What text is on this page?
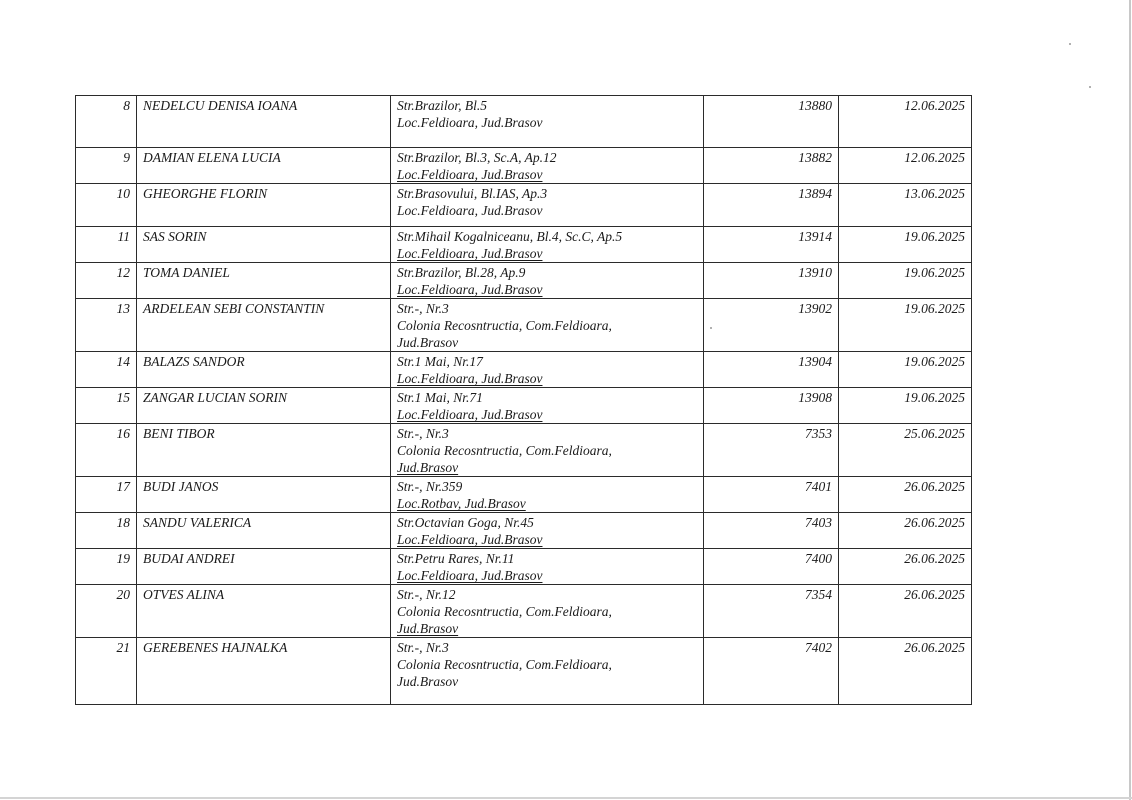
8	NEDELCU DENISA IOANA	Str.Brazilor, Bl.5
Loc.Feldioara, Jud.Brasov	13880	12.06.2025
9	DAMIAN ELENA LUCIA	Str.Brazilor, Bl.3, Sc.A, Ap.12
Loc.Feldioara, Jud.Brasov	13882	12.06.2025
10	GHEORGHE FLORIN	Str.Brasovului, Bl.IAS, Ap.3
Loc.Feldioara, Jud.Brasov	13894	13.06.2025
11	SAS SORIN	Str.Mihail Kogalniceanu, Bl.4, Sc.C, Ap.5
Loc.Feldioara, Jud.Brasov	13914	19.06.2025
12	TOMA DANIEL	Str.Brazilor, Bl.28, Ap.9
Loc.Feldioara, Jud.Brasov	13910	19.06.2025
13	ARDELEAN SEBI CONSTANTIN	Str.-, Nr.3
Colonia Recosntructia, Com.Feldioara,
Jud.Brasov	13902	19.06.2025
14	BALAZS SANDOR	Str.1 Mai, Nr.17
Loc.Feldioara, Jud.Brasov	13904	19.06.2025
15	ZANGAR LUCIAN SORIN	Str.1 Mai, Nr.71
Loc.Feldioara, Jud.Brasov	13908	19.06.2025
16	BENI TIBOR	Str.-, Nr.3
Colonia Recosntructia, Com.Feldioara,
Jud.Brasov	7353	25.06.2025
17	BUDI JANOS	Str.-, Nr.359
Loc.Rotbav, Jud.Brasov	7401	26.06.2025
18	SANDU VALERICA	Str.Octavian Goga, Nr.45
Loc.Feldioara, Jud.Brasov	7403	26.06.2025
19	BUDAI ANDREI	Str.Petru Rares, Nr.11
Loc.Feldioara, Jud.Brasov	7400	26.06.2025
20	OTVES ALINA	Str.-, Nr.12
Colonia Recosntructia, Com.Feldioara,
Jud.Brasov	7354	26.06.2025
21	GEREBENES HAJNALKA	Str.-, Nr.3
Colonia Recosntructia, Com.Feldioara,
Jud.Brasov	7402	26.06.2025
